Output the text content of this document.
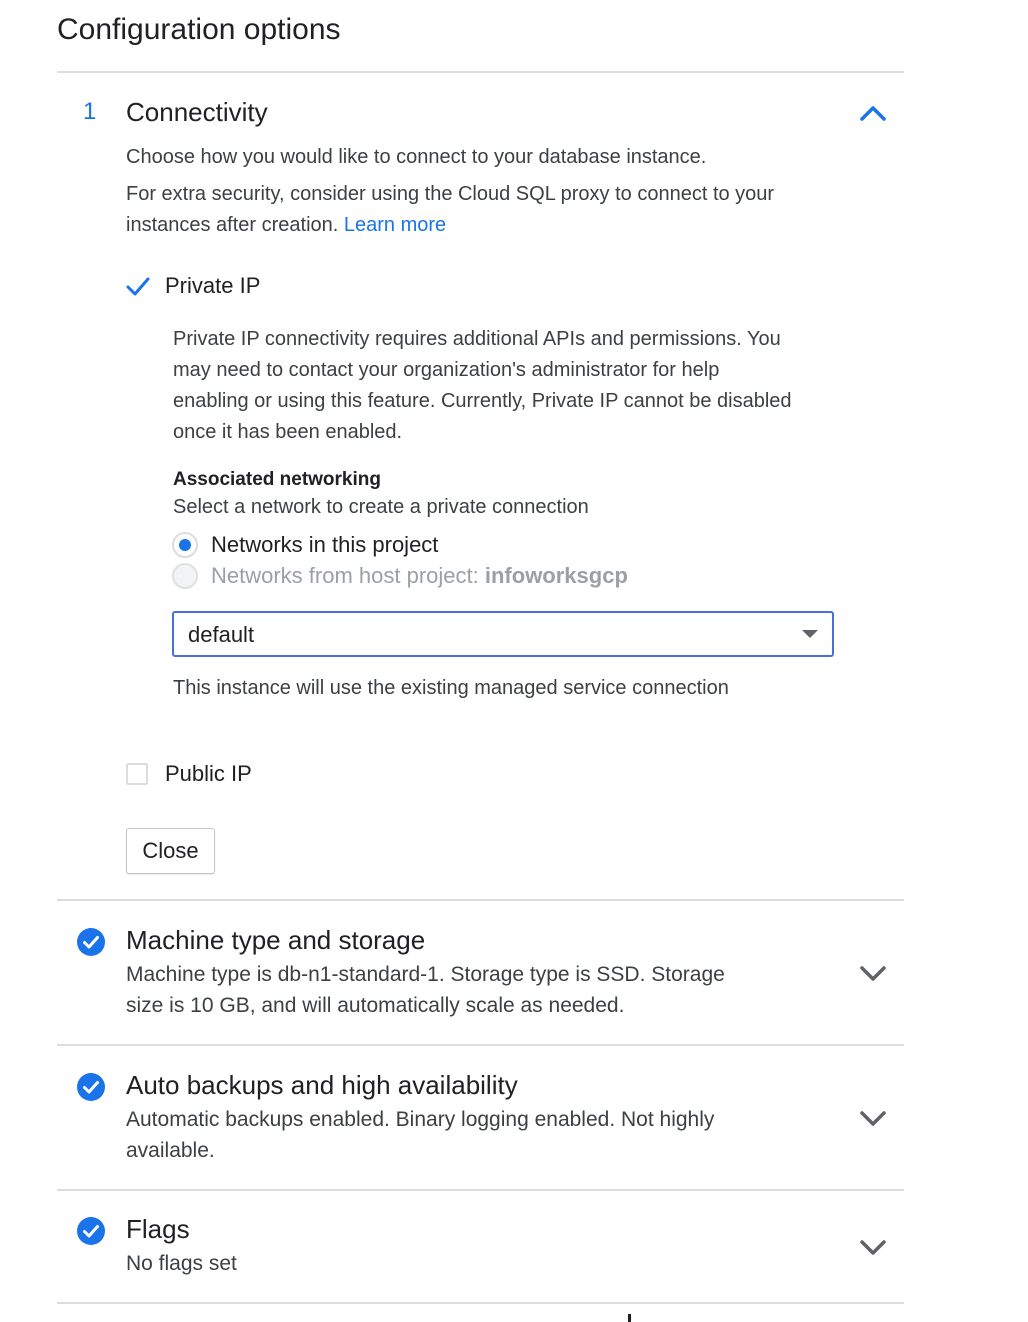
Configuration options
1 Connectivity

Choose how you would like to connect to your database instance.

For extra security, consider using the Cloud SQL proxy to connect to your

instances after creation. Learn more

Private IP

Private IP connectivity requires additional APIs and permissions. You

may need to contact your organization's administrator for help

enabling or using this feature. Currently, Private IP cannot be disabled

once it has been enabled.

Associated networking

Select a network to create a private connection

Networks in this project
Networks from host project: infoworksgcp
default

This instance will use the existing managed service connection

Public IP
Close
Machine type and storage

Machine type is db-n1-standard-1. Storage type is SSD. Storage

size is 10 GB, and will automatically scale as needed.

Auto backups and high availability

Automatic backups enabled. Binary logging enabled. Not highly

available.

Flags

No flags set
